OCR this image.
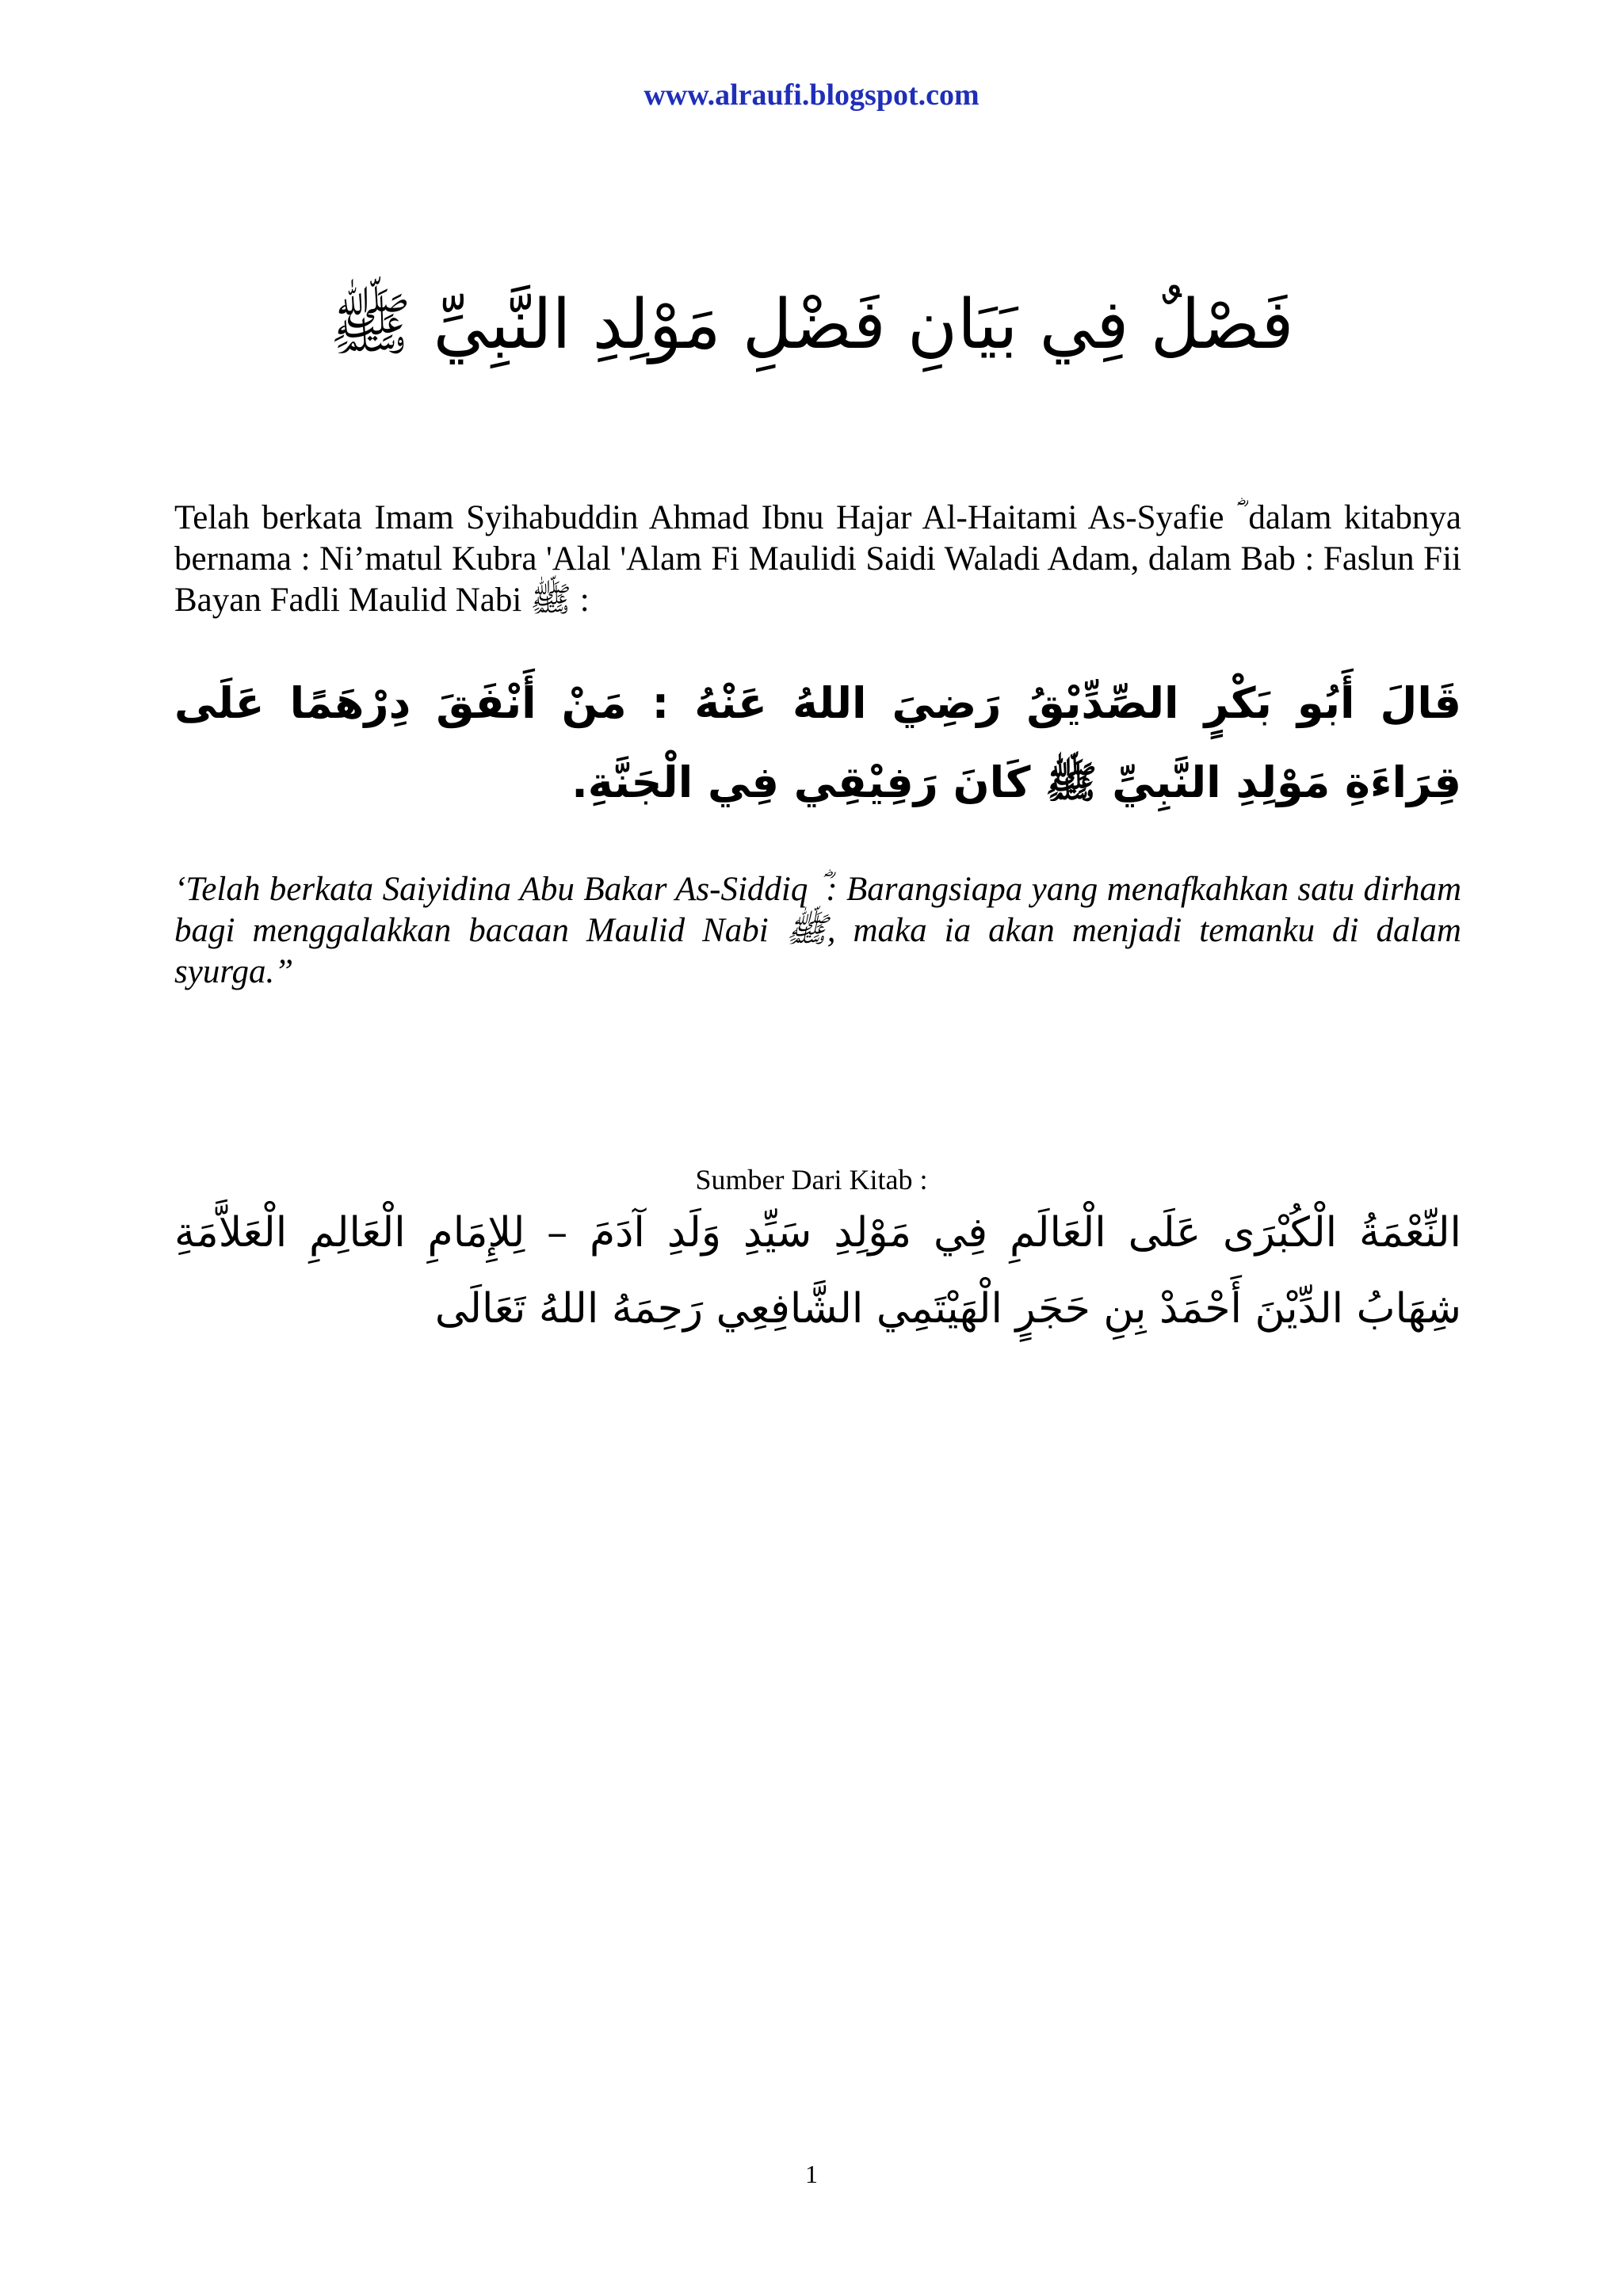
www.alraufi.blogspot.com
فَصْلٌ فِي بَيَانِ فَضْلِ مَوْلِدِ النَّبِيِّ ﷺ

Telah berkata Imam Syihabuddin Ahmad Ibnu Hajar Al-Haitami As-Syafie ؓ dalam kitabnya bernama : Ni’matul Kubra 'Alal 'Alam Fi Maulidi Saidi Waladi Adam, dalam Bab : Faslun Fii Bayan Fadli Maulid Nabi ﷺ :

قَالَ أَبُو بَكْرٍ الصِّدِّيْقُ رَضِيَ اللهُ عَنْهُ : مَنْ أَنْفَقَ دِرْهَمًا عَلَى قِرَاءَةِ مَوْلِدِ النَّبِيِّ ﷺ كَانَ رَفِيْقِي فِي الْجَنَّةِ.

‘Telah berkata Saiyidina Abu Bakar As-Siddiq ؓ : Barangsiapa yang menafkahkan satu dirham bagi menggalakkan bacaan Maulid Nabi ﷺ, maka ia akan menjadi temanku di dalam syurga.”

Sumber Dari Kitab :

النِّعْمَةُ الْكُبْرَى عَلَى الْعَالَمِ فِي مَوْلِدِ سَيِّدِ وَلَدِ آدَمَ – لِلإِمَامِ الْعَالِمِ الْعَلاَّمَةِ شِهَابُ الدِّيْنَ أَحْمَدْ بِنِ حَجَرٍ الْهَيْتَمِي الشَّافِعِي رَحِمَهُ اللهُ تَعَالَى

1
